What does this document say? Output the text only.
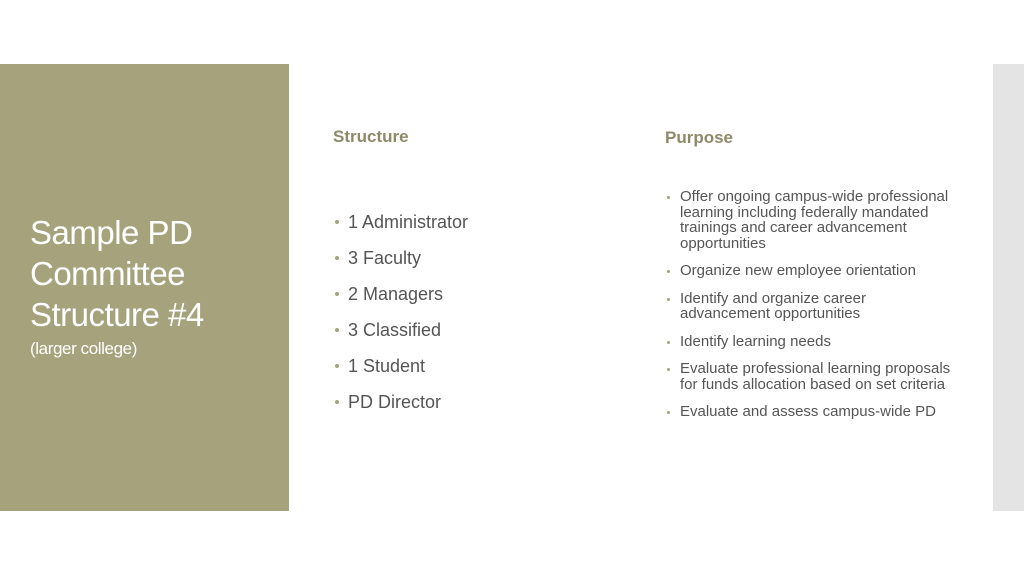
Sample PD Committee Structure #4
(larger college)
Structure	Purpose
1 Administrator
3 Faculty
2 Managers
3 Classified
1 Student
PD Director
Offer ongoing campus-wide professional learning including federally mandated trainings and career advancement opportunities
Organize new employee orientation
Identify and organize career advancement opportunities
Identify learning needs
Evaluate professional learning proposals for funds allocation based on set criteria
Evaluate and assess campus-wide PD
